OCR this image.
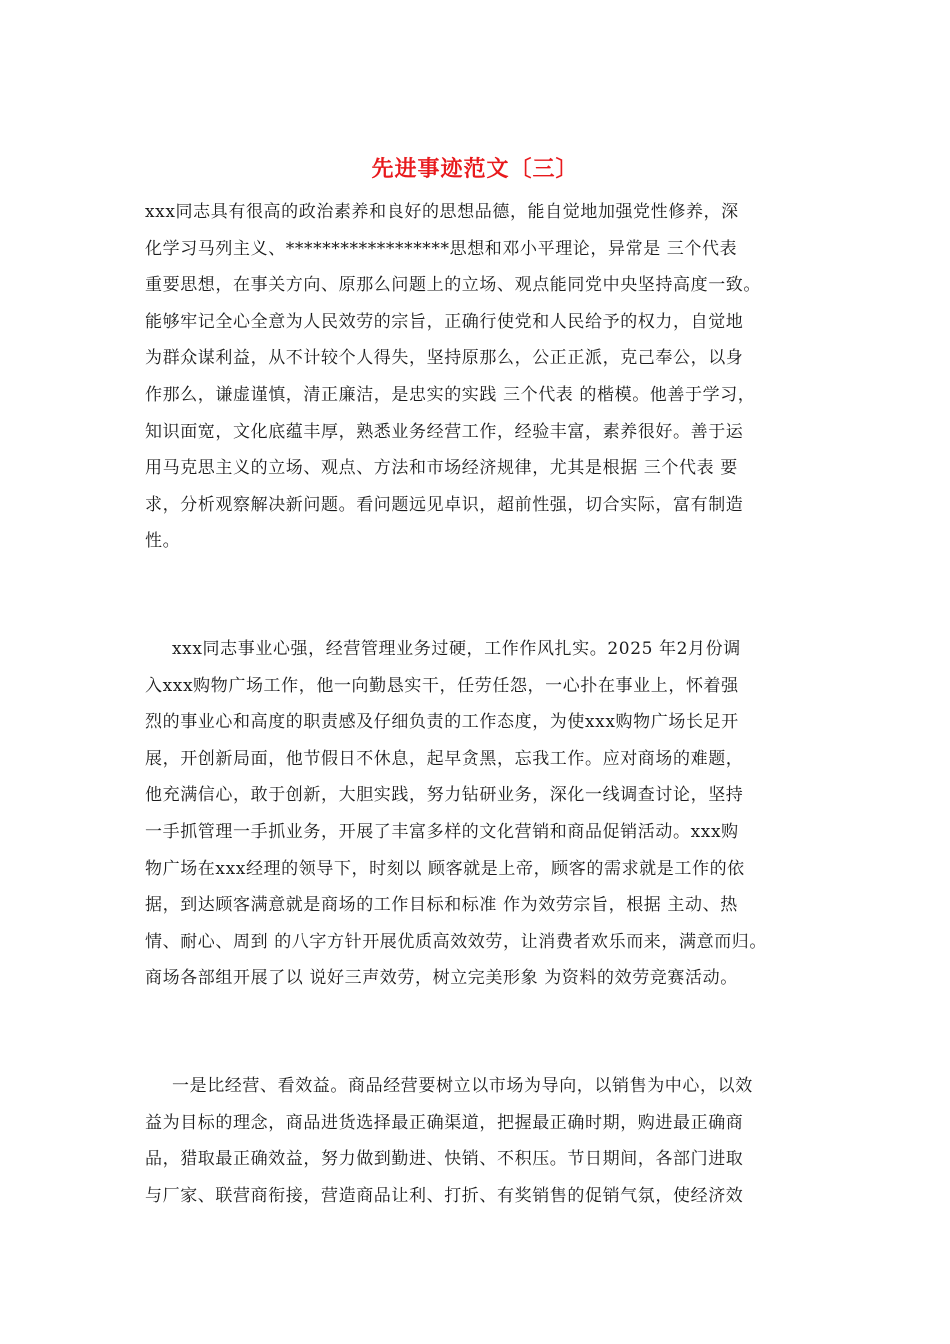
先进事迹范文〔三〕
xxx同志具有很高的政治素养和良好的思想品德，能自觉地加强党性修养，深
化学习马列主义、******************思想和邓小平理论，异常是 三个代表
重要思想，在事关方向、原那么问题上的立场、观点能同党中央坚持高度一致。
能够牢记全心全意为人民效劳的宗旨，正确行使党和人民给予的权力，自觉地
为群众谋利益，从不计较个人得失，坚持原那么，公正正派，克己奉公，以身
作那么，谦虚谨慎，清正廉洁，是忠实的实践 三个代表 的楷模。他善于学习，
知识面宽，文化底蕴丰厚，熟悉业务经营工作，经验丰富，素养很好。善于运
用马克思主义的立场、观点、方法和市场经济规律，尤其是根据 三个代表 要
求，分析观察解决新问题。看问题远见卓识，超前性强，切合实际，富有制造
性。
xxx同志事业心强，经营管理业务过硬，工作作风扎实。2025 年2月份调
入xxx购物广场工作，他一向勤恳实干，任劳任怨，一心扑在事业上，怀着强
烈的事业心和高度的职责感及仔细负责的工作态度，为使xxx购物广场长足开
展，开创新局面，他节假日不休息，起早贪黑，忘我工作。应对商场的难题，
他充满信心，敢于创新，大胆实践，努力钻研业务，深化一线调查讨论，坚持
一手抓管理一手抓业务，开展了丰富多样的文化营销和商品促销活动。xxx购
物广场在xxx经理的领导下，时刻以 顾客就是上帝，顾客的需求就是工作的依
据，到达顾客满意就是商场的工作目标和标准 作为效劳宗旨，根据 主动、热
情、耐心、周到 的八字方针开展优质高效效劳，让消费者欢乐而来，满意而归。
商场各部组开展了以 说好三声效劳，树立完美形象 为资料的效劳竞赛活动。
一是比经营、看效益。商品经营要树立以市场为导向，以销售为中心，以效
益为目标的理念，商品进货选择最正确渠道，把握最正确时期，购进最正确商
品，猎取最正确效益，努力做到勤进、快销、不积压。节日期间，各部门进取
与厂家、联营商衔接，营造商品让利、打折、有奖销售的促销气氛，使经济效
